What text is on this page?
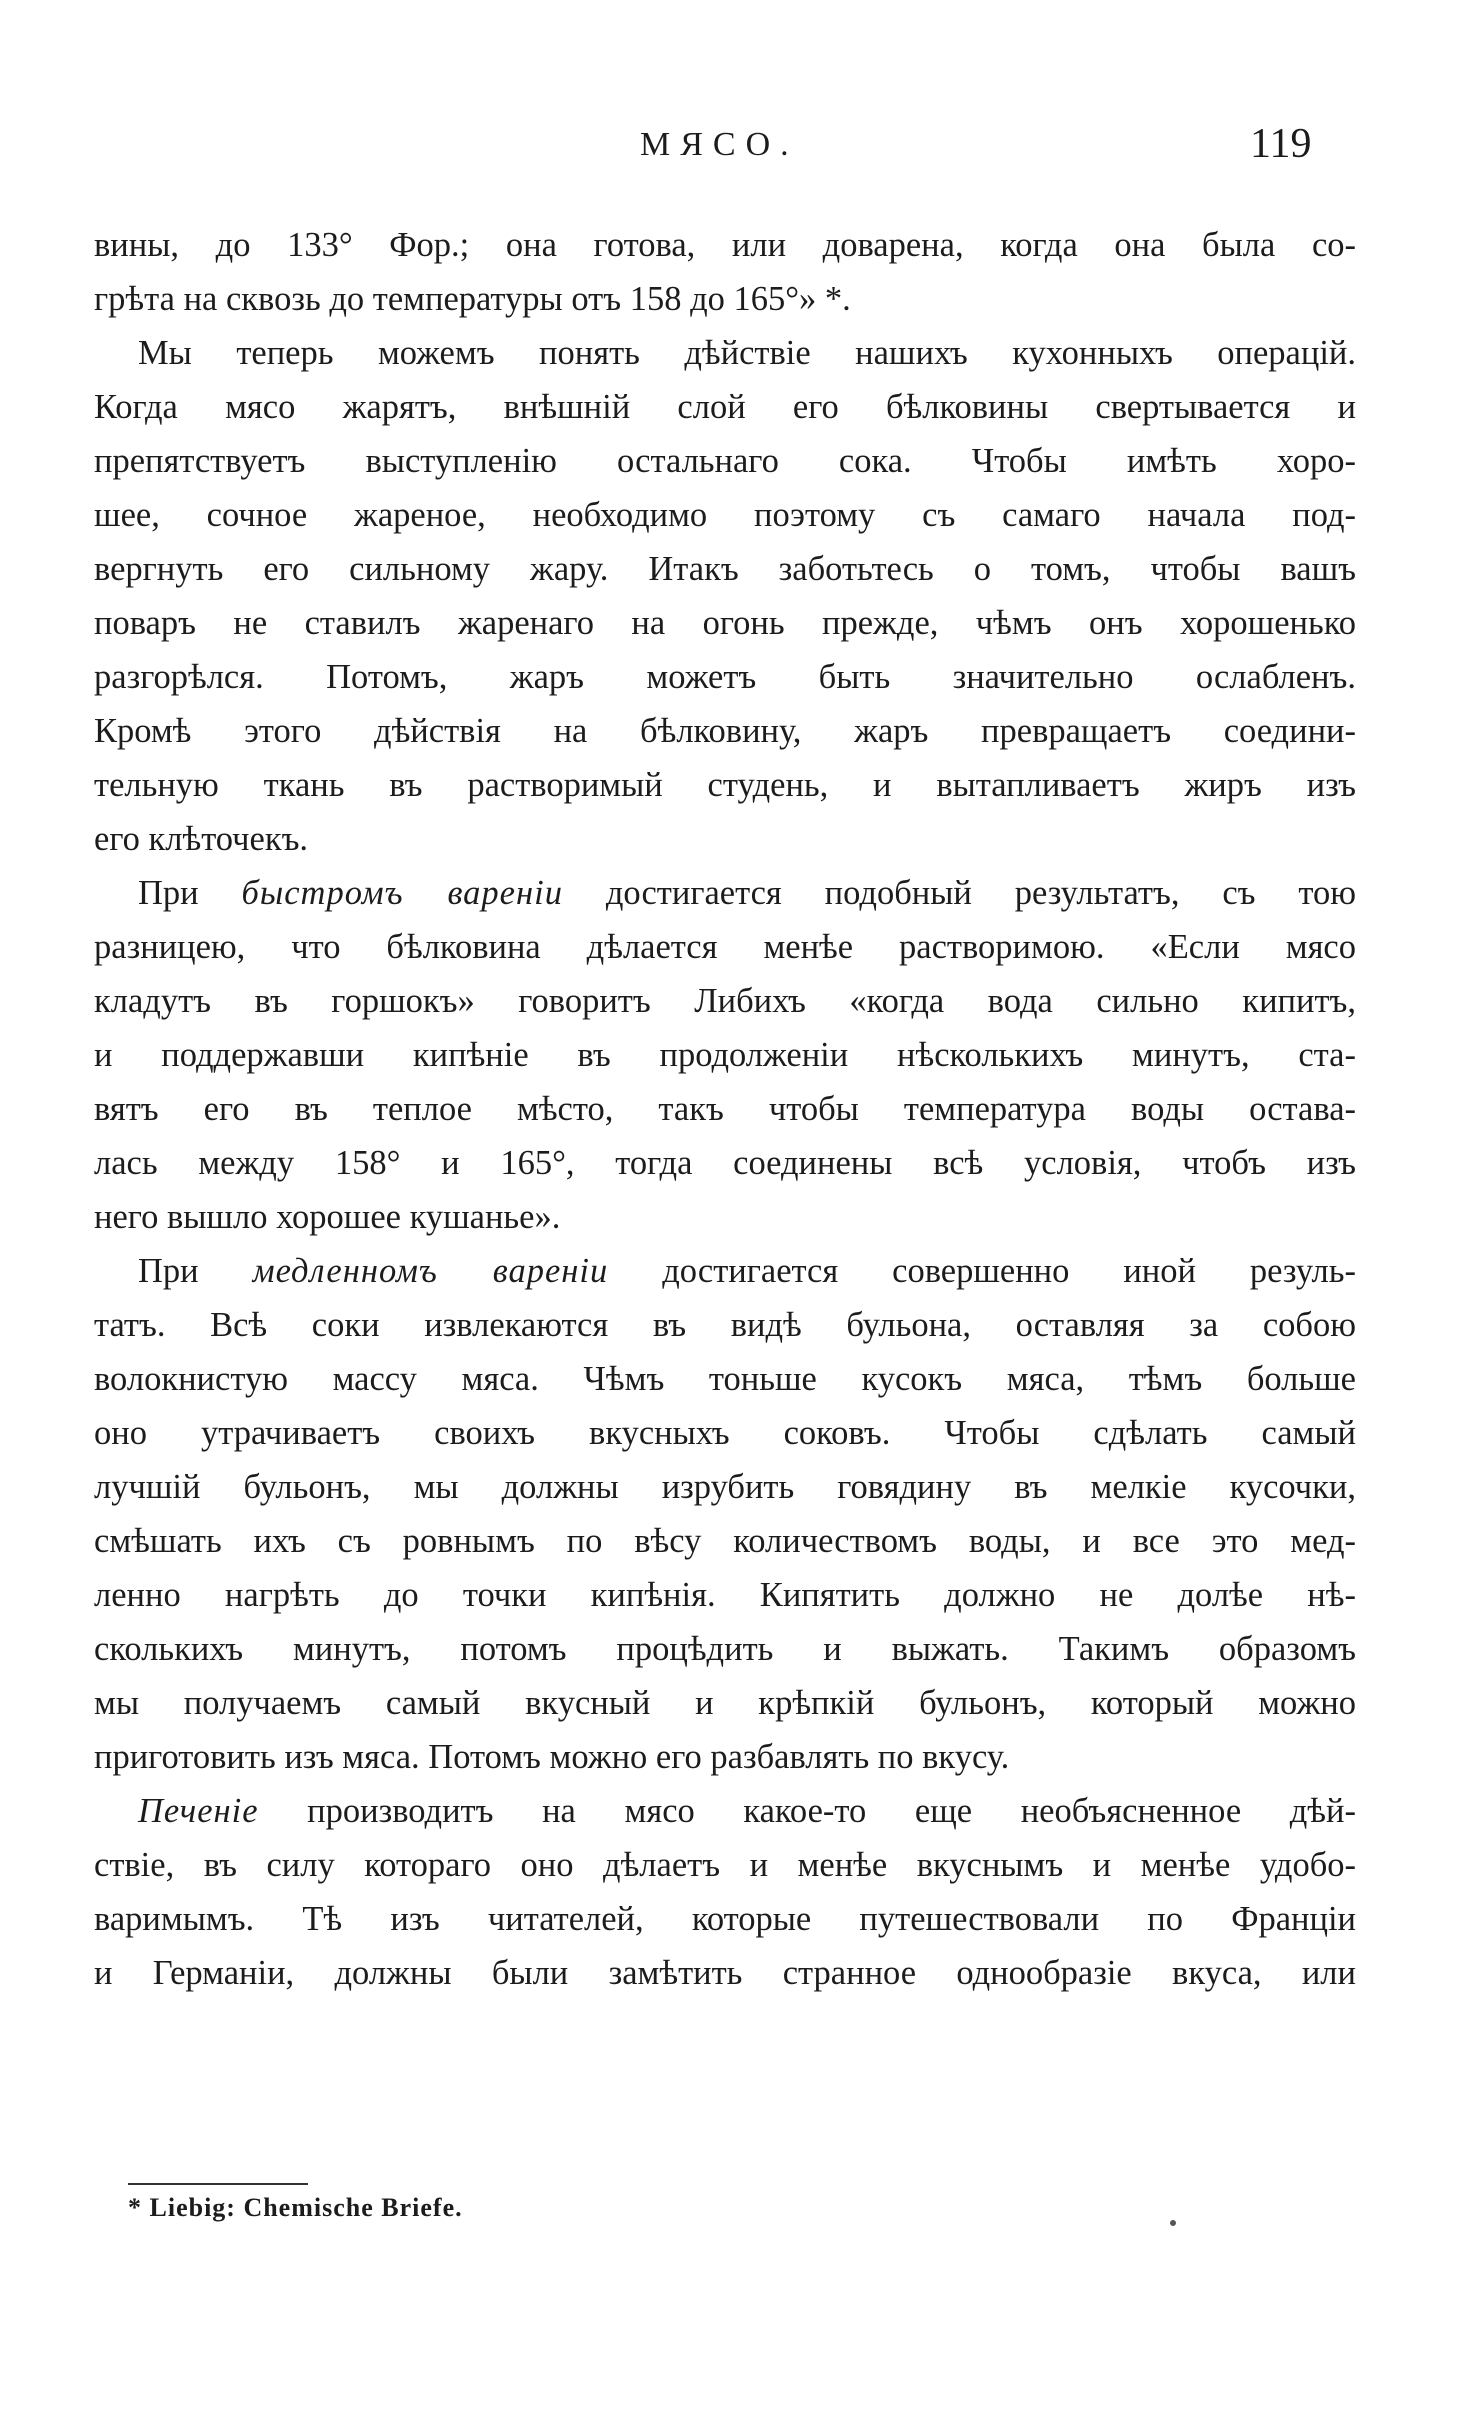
МЯСО.	119
вины, до 133° Фор.; она готова, или доварена, когда она была со-
грѣта на сквозь до температуры отъ 158 до 165°» *.
Мы теперь можемъ понять дѣйствіе нашихъ кухонныхъ операцій.
Когда мясо жарятъ, внѣшній слой его бѣлковины свертывается и
препятствуетъ выступленію остальнаго сока. Чтобы имѣть хоро-
шее, сочное жареное, необходимо поэтому съ самаго начала под-
вергнуть его сильному жару. Итакъ заботьтесь о томъ, чтобы вашъ
поваръ не ставилъ жаренаго на огонь прежде, чѣмъ онъ хорошенько
разгорѣлся. Потомъ, жаръ можетъ быть значительно ослабленъ.
Кромѣ этого дѣйствія на бѣлковину, жаръ превращаетъ соедини-
тельную ткань въ растворимый студень, и вытапливаетъ жиръ изъ
его клѣточекъ.
При быстромъ вареніи достигается подобный результатъ, съ тою
разницею, что бѣлковина дѣлается менѣе растворимою. «Если мясо
кладутъ въ горшокъ» говоритъ Либихъ «когда вода сильно кипитъ,
и поддержавши кипѣніе въ продолженіи нѣсколькихъ минутъ, ста-
вятъ его въ теплое мѣсто, такъ чтобы температура воды остава-
лась между 158° и 165°, тогда соединены всѣ условія, чтобъ изъ
него вышло хорошее кушанье».
При медленномъ вареніи достигается совершенно иной резуль-
татъ. Всѣ соки извлекаются въ видѣ бульона, оставляя за собою
волокнистую массу мяса. Чѣмъ тоньше кусокъ мяса, тѣмъ больше
оно утрачиваетъ своихъ вкусныхъ соковъ. Чтобы сдѣлать самый
лучшій бульонъ, мы должны изрубить говядину въ мелкіе кусочки,
смѣшать ихъ съ ровнымъ по вѣсу количествомъ воды, и все это мед-
ленно нагрѣть до точки кипѣнія. Кипятить должно не долѣе нѣ-
сколькихъ минутъ, потомъ процѣдить и выжать. Такимъ образомъ
мы получаемъ самый вкусный и крѣпкій бульонъ, который можно
приготовить изъ мяса. Потомъ можно его разбавлять по вкусу.
Печеніе производитъ на мясо какое-то еще необъясненное дѣй-
ствіе, въ силу котораго оно дѣлаетъ и менѣе вкуснымъ и менѣе удобо-
варимымъ. Тѣ изъ читателей, которые путешествовали по Франціи
и Германіи, должны были замѣтить странное однообразіе вкуса, или
* Liebig: Chemische Briefe.
